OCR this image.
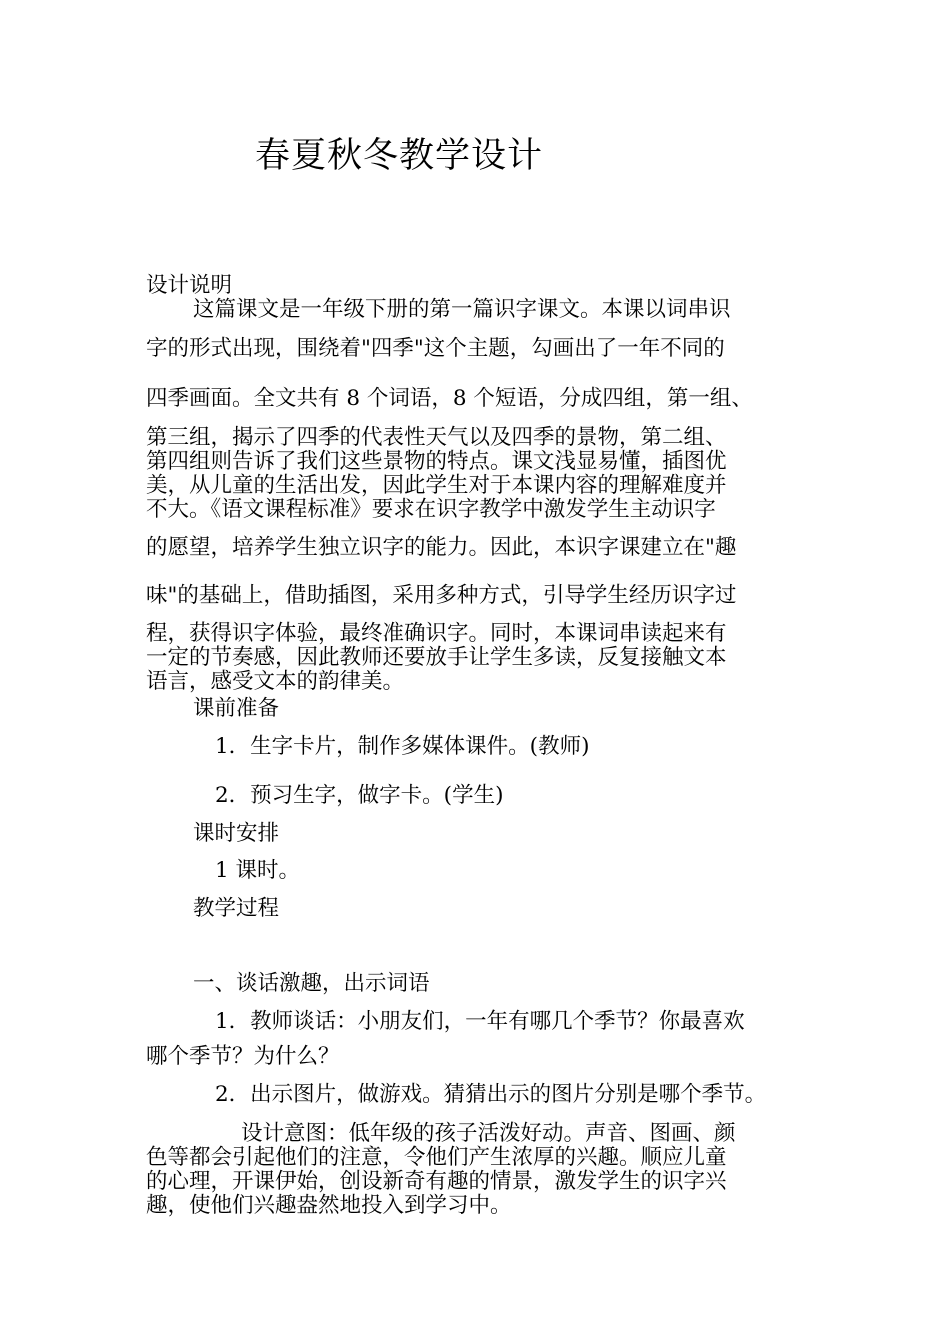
春夏秋冬教学设计
设计说明
这篇课文是一年级下册的第一篇识字课文。本课以词串识
字的形式出现，围绕着"四季"这个主题，勾画出了一年不同的
四季画面。全文共有 8 个词语，8 个短语，分成四组，第一组、
第三组，揭示了四季的代表性天气以及四季的景物，第二组、
第四组则告诉了我们这些景物的特点。课文浅显易懂，插图优
美，从儿童的生活出发，因此学生对于本课内容的理解难度并
不大。《语文课程标准》要求在识字教学中激发学生主动识字
的愿望，培养学生独立识字的能力。因此，本识字课建立在"趣
味"的基础上，借助插图，采用多种方式，引导学生经历识字过
程，获得识字体验，最终准确识字。同时，本课词串读起来有
一定的节奏感，因此教师还要放手让学生多读，反复接触文本
语言，感受文本的韵律美。
课前准备
1．生字卡片，制作多媒体课件。(教师)
2．预习生字，做字卡。(学生)
课时安排
1 课时。
教学过程
一、谈话激趣，出示词语
1．教师谈话：小朋友们，一年有哪几个季节？你最喜欢
哪个季节？为什么？
2．出示图片，做游戏。猜猜出示的图片分别是哪个季节。
设计意图：低年级的孩子活泼好动。声音、图画、颜
色等都会引起他们的注意，令他们产生浓厚的兴趣。顺应儿童
的心理，开课伊始，创设新奇有趣的情景，激发学生的识字兴
趣，使他们兴趣盎然地投入到学习中。
